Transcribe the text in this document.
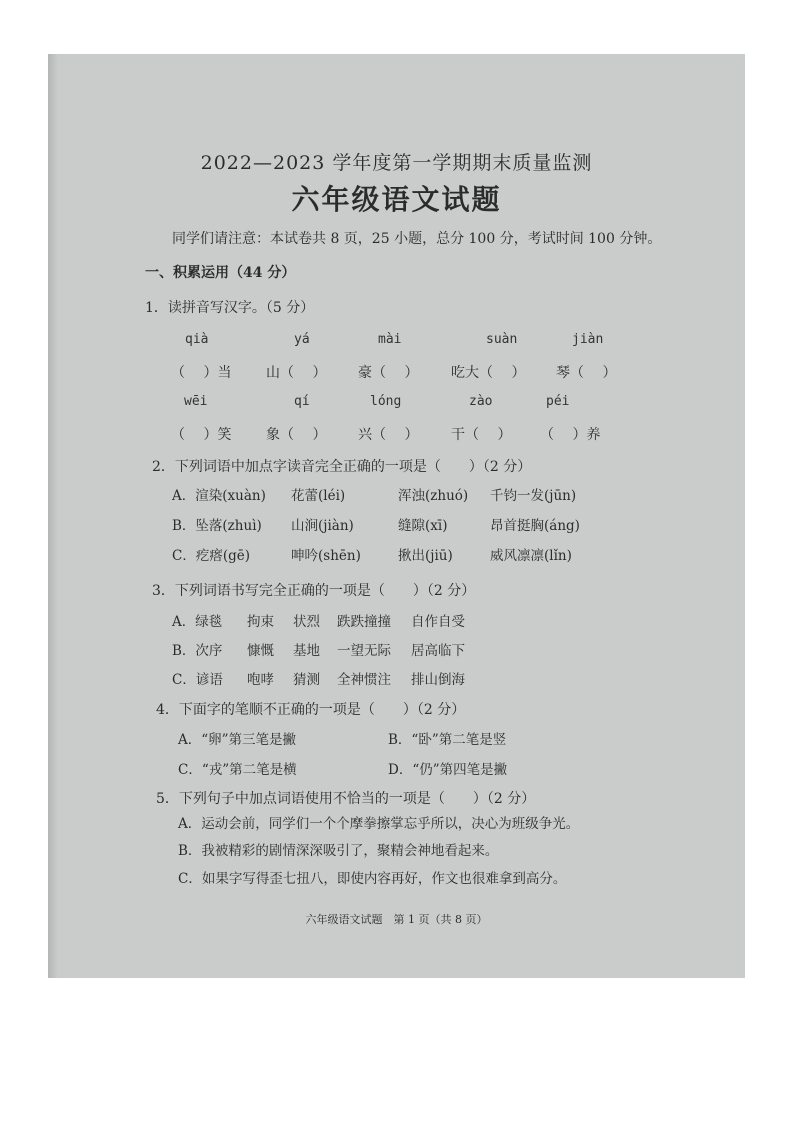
2022—2023 学年度第一学期期末质量监测
六年级语文试题
同学们请注意：本试卷共 8 页，25 小题，总分 100 分，考试时间 100 分钟。
一、积累运用（44 分）
1．读拼音写汉字。（5 分）
qià	yá	mài	suàn	jiàn
（　 ）当 山（　 ） 豪（　 ） 吃大（　 ） 琴（　 ）
wēi	qí	lóng	zào	péi
（　 ）笑 象（　 ） 兴（　 ） 干（　 ） （　 ）养
2．下列词语中加点字读音完全正确的一项是（　　）（2 分）
A．渲染(xuàn) 花蕾(léi)	浑浊(zhuó) 千钧一发(jūn)
B．坠落(zhuì) 山涧(jiàn)	缝隙(xī)	昂首挺胸(áng)
C．疙瘩(gē)	呻吟(shēn)	揪出(jiū)	威风凛凛(lǐn)
3．下列词语书写完全正确的一项是（　　）（2 分）
A．绿毯 拘束 状烈 跌跌撞撞 自作自受
B．次序 慷慨 基地 一望无际 居高临下
C．谚语 咆哮 猜测 全神惯注 排山倒海
4．下面字的笔顺不正确的一项是（　　）（2 分）
A．“卵”第三笔是撇	B．“卧”第二笔是竖
C．“戎”第二笔是横	D．“仍”第四笔是撇
5．下列句子中加点词语使用不恰当的一项是（　　）（2 分）
A．运动会前，同学们一个个摩拳擦掌忘乎所以，决心为班级争光。
B．我被精彩的剧情深深吸引了，聚精会神地看起来。
C．如果字写得歪七扭八，即使内容再好，作文也很难拿到高分。
六年级语文试题　第 1 页（共 8 页）
